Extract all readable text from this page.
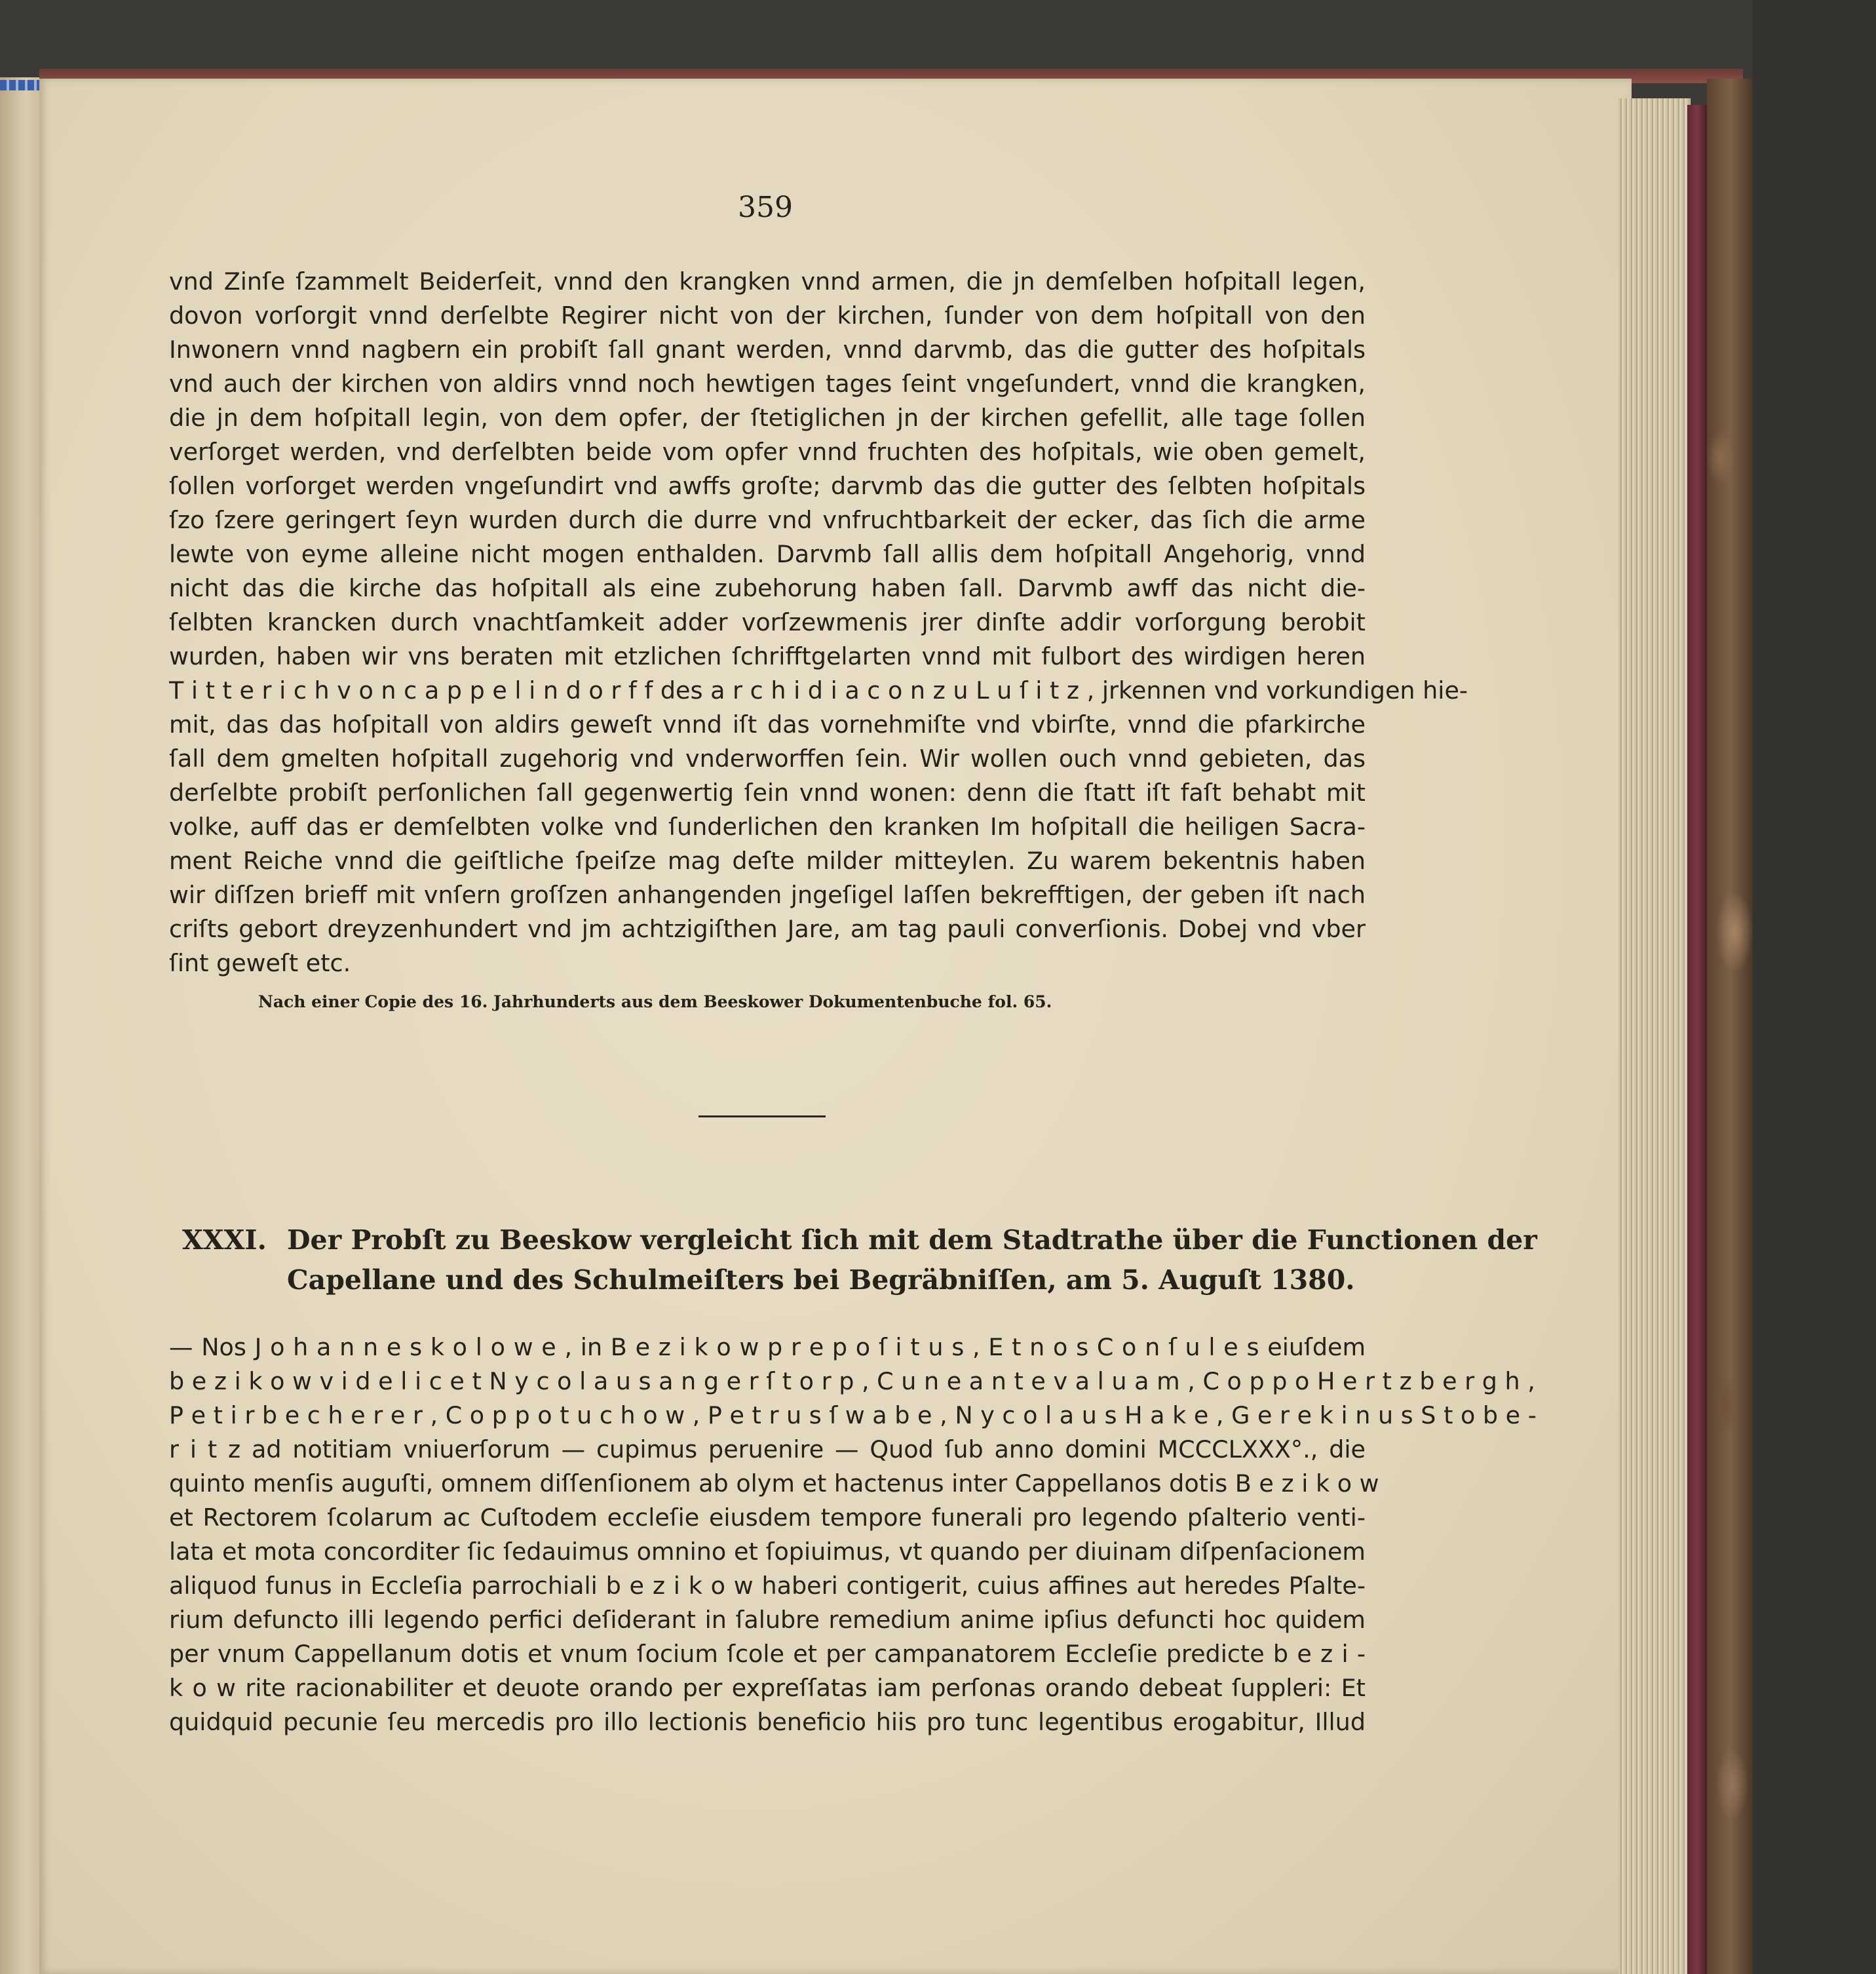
359
vnd Zinſe ſzammelt Beiderſeit, vnnd den krangken vnnd armen, die jn demſelben hoſpitall legen,
dovon vorſorgit vnnd derſelbte Regirer nicht von der kirchen, ſunder von dem hoſpitall von den
Inwonern vnnd nagbern ein probiſt ſall gnant werden, vnnd darvmb, das die gutter des hoſpitals
vnd auch der kirchen von aldirs vnnd noch hewtigen tages ſeint vngeſundert, vnnd die krangken,
die jn dem hoſpitall legin, von dem opfer, der ſtetiglichen jn der kirchen gefellit, alle tage ſollen
verſorget werden, vnd derſelbten beide vom opfer vnnd fruchten des hoſpitals, wie oben gemelt,
ſollen vorſorget werden vngeſundirt vnd awffs groſte; darvmb das die gutter des ſelbten hoſpitals
ſzo ſzere geringert ſeyn wurden durch die durre vnd vnfruchtbarkeit der ecker, das ſich die arme
lewte von eyme alleine nicht mogen enthalden. Darvmb ſall allis dem hoſpitall Angehorig, vnnd
nicht das die kirche das hoſpitall als eine zubehorung haben ſall. Darvmb awff das nicht die-
ſelbten krancken durch vnachtſamkeit adder vorſzewmenis jrer dinſte addir vorſorgung berobit
wurden, haben wir vns beraten mit etzlichen ſchrifftgelarten vnnd mit fulbort des wirdigen heren
T i t t e r i c h v o n c a p p e l i n d o r f f des a r c h i d i a c o n z u L u ſ i t z , jrkennen vnd vorkundigen hie-
mit, das das hoſpitall von aldirs geweſt vnnd iſt das vornehmiſte vnd vbirſte, vnnd die pfarkirche
ſall dem gmelten hoſpitall zugehorig vnd vnderworffen ſein. Wir wollen ouch vnnd gebieten, das
derſelbte probiſt perſonlichen ſall gegenwertig ſein vnnd wonen: denn die ſtatt iſt faſt behabt mit
volke, auff das er demſelbten volke vnd ſunderlichen den kranken Im hoſpitall die heiligen Sacra-
ment Reiche vnnd die geiſtliche ſpeiſze mag deſte milder mitteylen. Zu warem bekentnis haben
wir diſſzen brieff mit vnſern groſſzen anhangenden jngeſigel laſſen bekrefftigen, der geben iſt nach
criſts gebort dreyzenhundert vnd jm achtzigiſthen Jare, am tag pauli converſionis. Dobej vnd vber
ſint geweſt etc.
Nach einer Copie des 16. Jahrhunderts aus dem Beeskower Dokumentenbuche fol. 65.
XXXI. Der Probſt zu Beeskow vergleicht ſich mit dem Stadtrathe über die Functionen der
Capellane und des Schulmeiſters bei Begräbniſſen, am 5. Auguſt 1380.
— Nos J o h a n n e s k o l o w e , in B e z i k o w p r e p o ſ i t u s , E t n o s C o n ſ u l e s eiuſdem
b e z i k o w v i d e l i c e t N y c o l a u s a n g e r ſ t o r p , C u n e a n t e v a l u a m , C o p p o H e r t z b e r g h ,
P e t i r b e c h e r e r , C o p p o t u c h o w , P e t r u s ſ w a b e , N y c o l a u s H a k e , G e r e k i n u s S t o b e -
r i t z ad notitiam vniuerſorum — cupimus peruenire — Quod ſub anno domini MCCCLXXX°., die
quinto menſis auguſti, omnem diſſenſionem ab olym et hactenus inter Cappellanos dotis B e z i k o w
et Rectorem ſcolarum ac Cuſtodem eccleſie eiusdem tempore funerali pro legendo pſalterio venti-
lata et mota concorditer ſic ſedauimus omnino et ſopiuimus, vt quando per diuinam diſpenſacionem
aliquod funus in Eccleſia parrochiali b e z i k o w haberi contigerit, cuius affines aut heredes Pſalte-
rium defuncto illi legendo perfici deſiderant in ſalubre remedium anime ipſius defuncti hoc quidem
per vnum Cappellanum dotis et vnum ſocium ſcole et per campanatorem Eccleſie predicte b e z i -
k o w rite racionabiliter et deuote orando per expreſſatas iam perſonas orando debeat ſuppleri: Et
quidquid pecunie ſeu mercedis pro illo lectionis beneficio hiis pro tunc legentibus erogabitur, Illud
